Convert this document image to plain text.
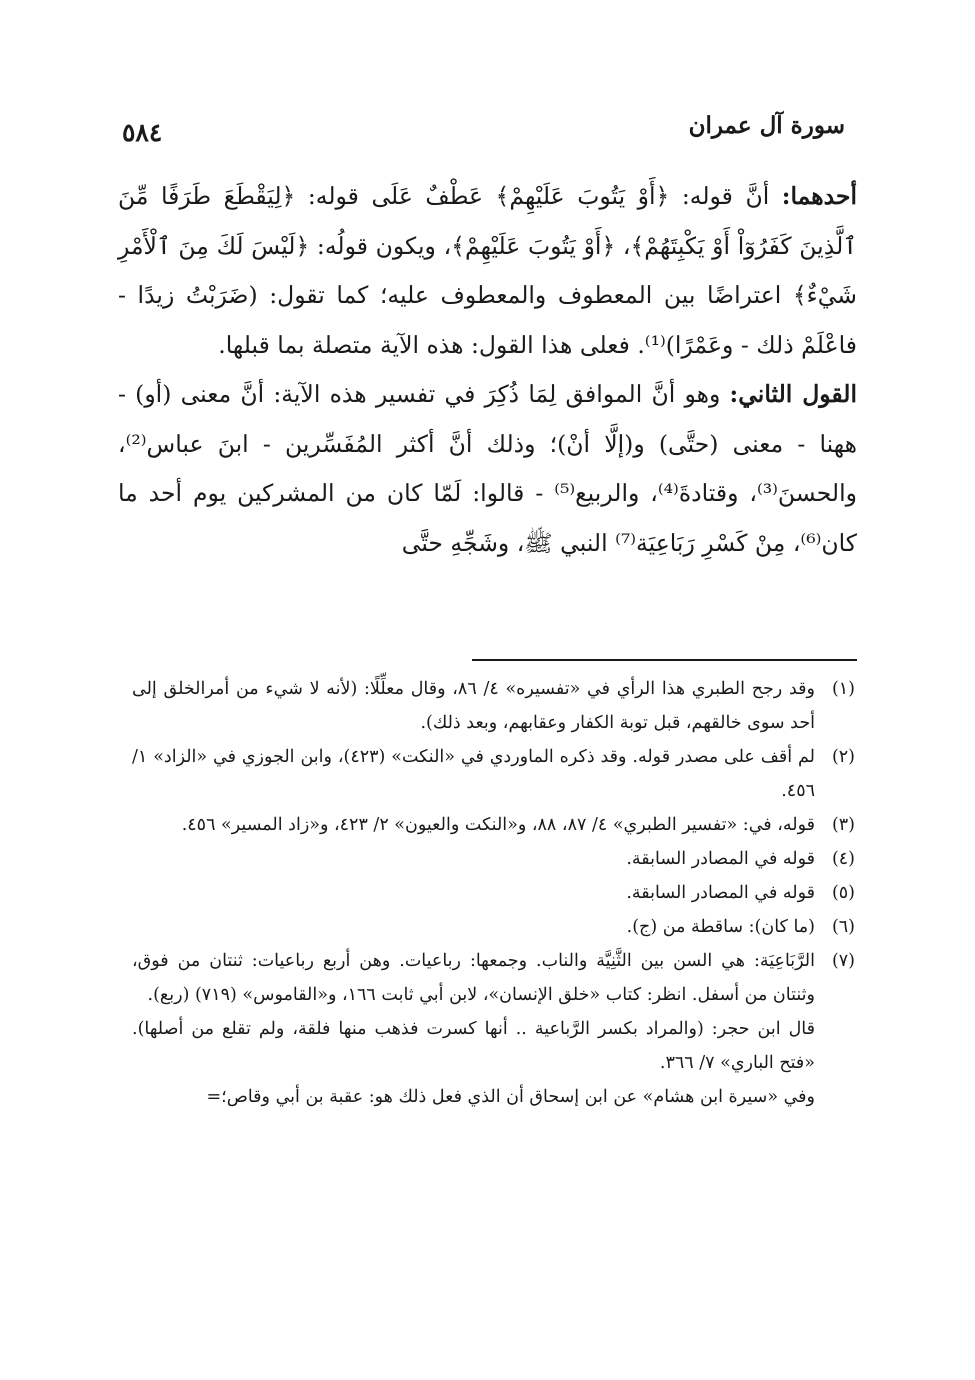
سورة آل عمران
٥٨٤

أحدهما: أنَّ قوله: ﴿أَوْ يَتُوبَ عَلَيْهِمْ﴾ عَطْفٌ عَلَى قوله: ﴿لِيَقْطَعَ طَرَفًا مِّنَ ٱلَّذِينَ كَفَرُوٓاْ أَوْ يَكْبِتَهُمْ﴾، ﴿أَوْ يَتُوبَ عَلَيْهِمْ﴾، ويكون قولُه: ﴿لَيْسَ لَكَ مِنَ ٱلْأَمْرِ شَيْءٌ﴾ اعتراضًا بين المعطوف والمعطوف عليه؛ كما تقول: (ضَرَبْتُ زيدًا - فاعْلَمْ ذلك - وعَمْرًا)⁽¹⁾. فعلى هذا القول: هذه الآية متصلة بما قبلها.

القول الثاني: وهو أنَّ الموافق لِمَا ذُكِرَ في تفسير هذه الآية: أنَّ معنى (أو) - ههنا - معنى (حتَّى) و(إلَّا أنْ)؛ وذلك أنَّ أكثر المُفَسِّرين - ابنَ عباس⁽²⁾، والحسنَ⁽³⁾، وقتادةَ⁽⁴⁾، والربيع⁽⁵⁾ - قالوا: لَمّا كان من المشركين يوم أحد ما كان⁽⁶⁾، مِنْ كَسْرِ رَبَاعِيَة⁽⁷⁾ النبي ﷺ، وشَجِّهِ حتَّى

(١)
وقد رجح الطبري هذا الرأي في «تفسيره» ٤/ ٨٦، وقال معلِّلًا: (لأنه لا شيء من أمرالخلق إلى أحد سوى خالقهم، قبل توبة الكفار وعقابهم، وبعد ذلك).
(٢)
لم أقف على مصدر قوله. وقد ذكره الماوردي في «النكت» (٤٢٣)، وابن الجوزي في «الزاد» ١/ ٤٥٦.
(٣)
قوله، في: «تفسير الطبري» ٤/ ٨٧، ٨٨، و«النكت والعيون» ٢/ ٤٢٣، و«زاد المسير» ٤٥٦.
(٤)
قوله في المصادر السابقة.
(٥)
قوله في المصادر السابقة.
(٦)
(ما كان): ساقطة من (ج).
(٧)
الرَّبَاعِيَة: هي السن بين الثَّنِيَّة والناب. وجمعها: رباعيات. وهن أربع رباعيات: ثنتان من فوق، وثنتان من أسفل. انظر: كتاب «خلق الإنسان»، لابن أبي ثابت ١٦٦، و«القاموس» (٧١٩) (ربع).
قال ابن حجر: (والمراد بكسر الرَّباعية .. أنها كسرت فذهب منها فلقة، ولم تقلع من أصلها). «فتح الباري» ٧/ ٣٦٦.
وفي «سيرة ابن هشام» عن ابن إسحاق أن الذي فعل ذلك هو: عقبة بن أبي وقاص؛=
